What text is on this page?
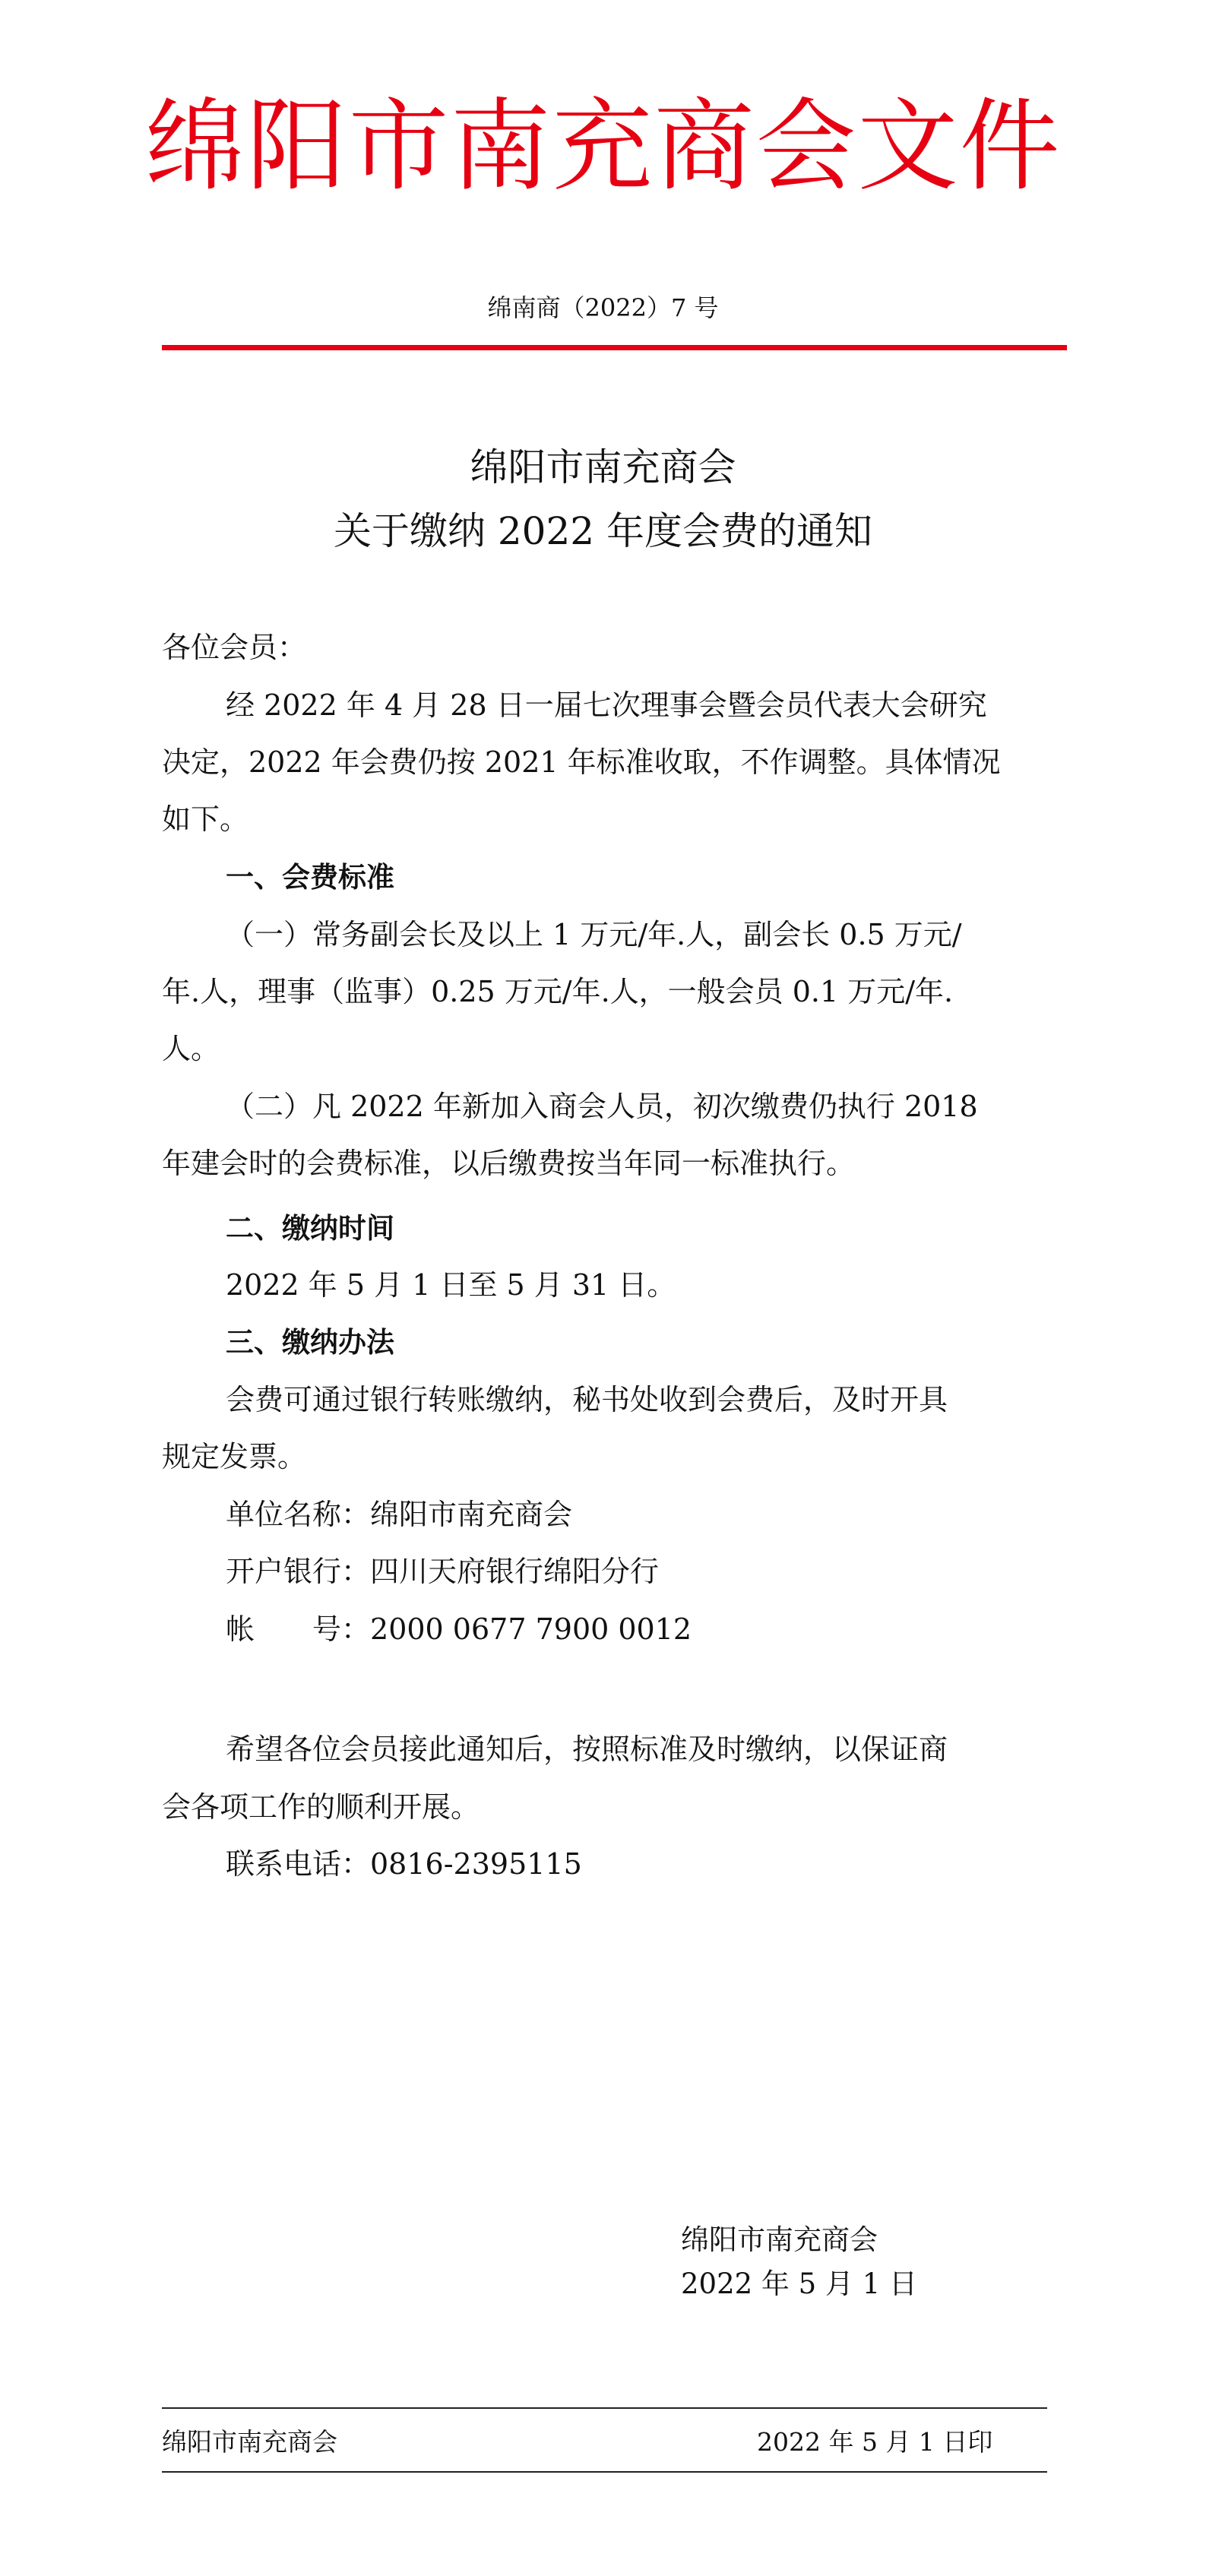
绵阳市南充商会文件
绵南商（2022）7 号
绵阳市南充商会
关于缴纳 2022 年度会费的通知
各位会员：
经 2022 年 4 月 28 日一届七次理事会暨会员代表大会研究
决定，2022 年会费仍按 2021 年标准收取，不作调整。具体情况
如下。
一、会费标准
（一）常务副会长及以上 1 万元/年.人，副会长 0.5 万元/
年.人，理事（监事）0.25 万元/年.人，一般会员 0.1 万元/年.
人。
（二）凡 2022 年新加入商会人员，初次缴费仍执行 2018
年建会时的会费标准，以后缴费按当年同一标准执行。
二、缴纳时间
2022 年 5 月 1 日至 5 月 31 日。
三、缴纳办法
会费可通过银行转账缴纳，秘书处收到会费后，及时开具
规定发票。
单位名称：绵阳市南充商会
开户银行：四川天府银行绵阳分行
帐　　号：2000 0677 7900 0012
希望各位会员接此通知后，按照标准及时缴纳，以保证商
会各项工作的顺利开展。
联系电话：0816-2395115
绵阳市南充商会
2022 年 5 月 1 日
绵阳市南充商会	2022 年 5 月 1 日印
